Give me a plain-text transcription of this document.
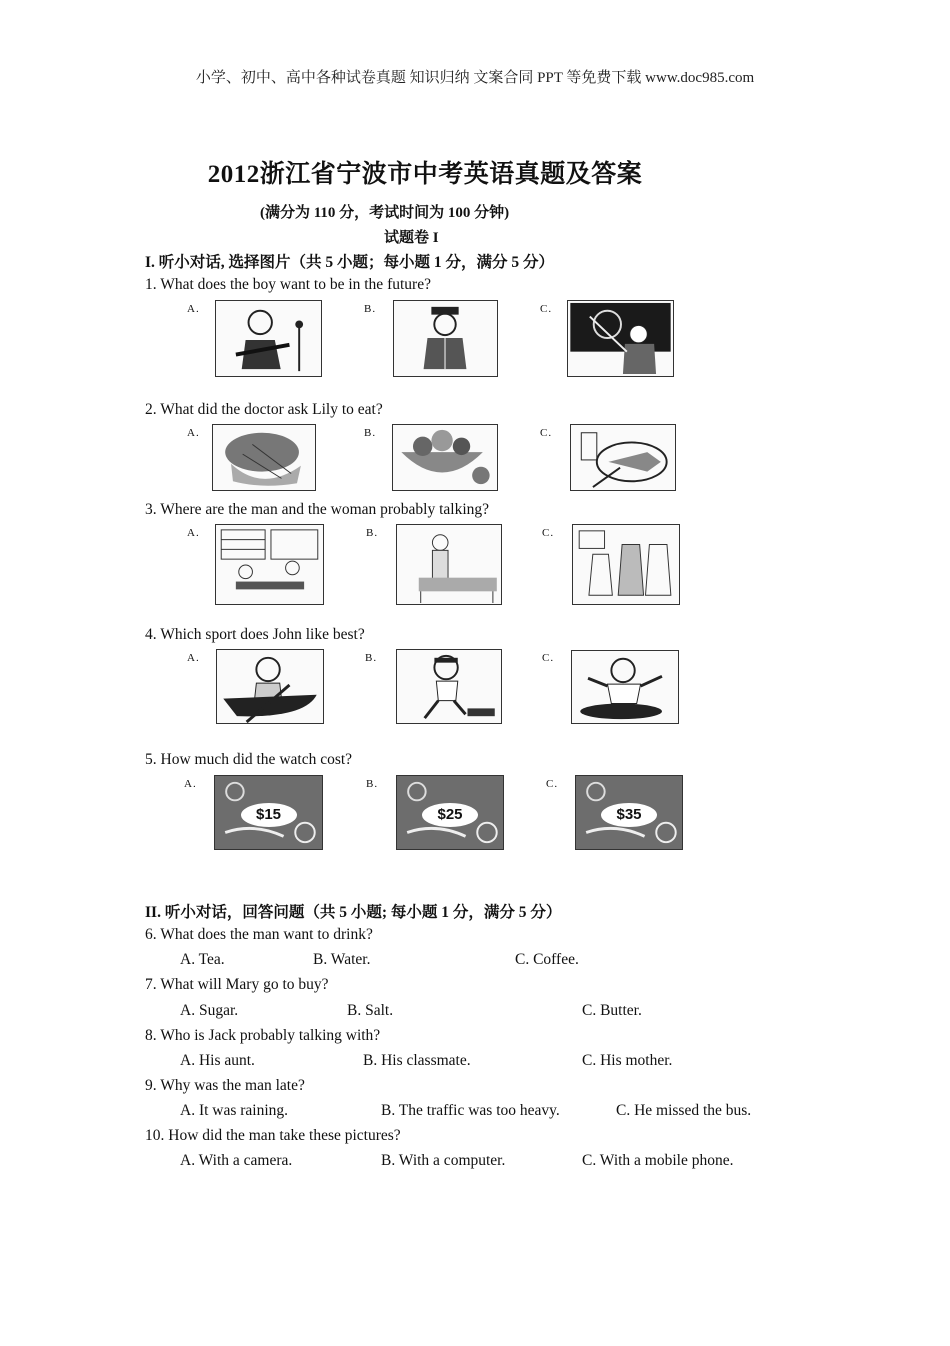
小学、初中、高中各种试卷真题 知识归纳 文案合同 PPT 等免费下载 www.doc985.com
2012浙江省宁波市中考英语真题及答案
(满分为 110 分，考试时间为 100 分钟)
试题卷 I
I. 听小对话, 选择图片（共 5 小题；每小题 1 分，满分 5 分）
1. What does the boy want to be in the future?
A.	B.	C.
2. What did the doctor ask Lily to eat?
A.	B.	C.
3. Where are the man and the woman probably talking?
A.	B.	C.
4. Which sport does John like best?
A.	B.	C.
5. How much did the watch cost?
A.	B.	C.
$15	$25	$35
II. 听小对话，回答问题（共 5 小题; 每小题 1 分，满分 5 分）
6. What does the man want to drink?
A. Tea.	B. Water.	C. Coffee.
7. What will Mary go to buy?
A. Sugar.	B. Salt.	C. Butter.
8. Who is Jack probably talking with?
A. His aunt.	B. His classmate.	C. His mother.
9. Why was the man late?
A. It was raining.	B. The traffic was too heavy.	C. He missed the bus.
10. How did the man take these pictures?
A. With a camera.	B. With a computer.	C. With a mobile phone.
